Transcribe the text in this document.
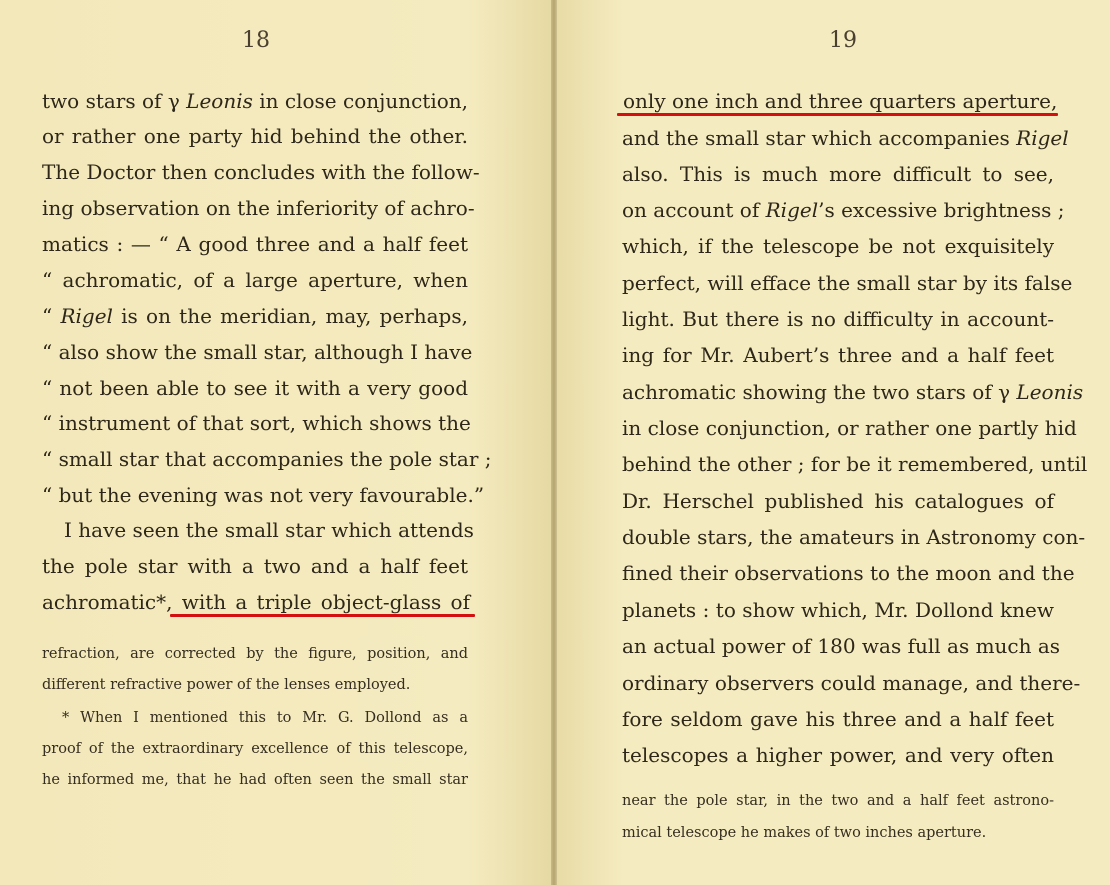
18
two stars of γ Leonis in close conjunction,
or rather one party hid behind the other.
The Doctor then concludes with the follow-
ing observation on the inferiority of achro-
matics : — “ A good three and a half feet
“ achromatic, of a large aperture, when
“ Rigel is on the meridian, may, perhaps,
“ also show the small star, although I have
“ not been able to see it with a very good
“ instrument of that sort, which shows the
“ small star that accompanies the pole star ;
“ but the evening was not very favourable.”
I have seen the small star which attends
the pole star with a two and a half feet
achromatic*, with a triple object-glass of
refraction, are corrected by the figure, position, and
different refractive power of the lenses employed.
* When I mentioned this to Mr. G. Dollond as a
proof of the extraordinary excellence of this telescope,
he informed me, that he had often seen the small star
19
only one inch and three quarters aperture,
and the small star which accompanies Rigel
also. This is much more difficult to see,
on account of Rigel’s excessive brightness ;
which, if the telescope be not exquisitely
perfect, will efface the small star by its false
light. But there is no difficulty in account-
ing for Mr. Aubert’s three and a half feet
achromatic showing the two stars of γ Leonis
in close conjunction, or rather one partly hid
behind the other ; for be it remembered, until
Dr. Herschel published his catalogues of
double stars, the amateurs in Astronomy con-
fined their observations to the moon and the
planets : to show which, Mr. Dollond knew
an actual power of 180 was full as much as
ordinary observers could manage, and there-
fore seldom gave his three and a half feet
telescopes a higher power, and very often
near the pole star, in the two and a half feet astrono-
mical telescope he makes of two inches aperture.
